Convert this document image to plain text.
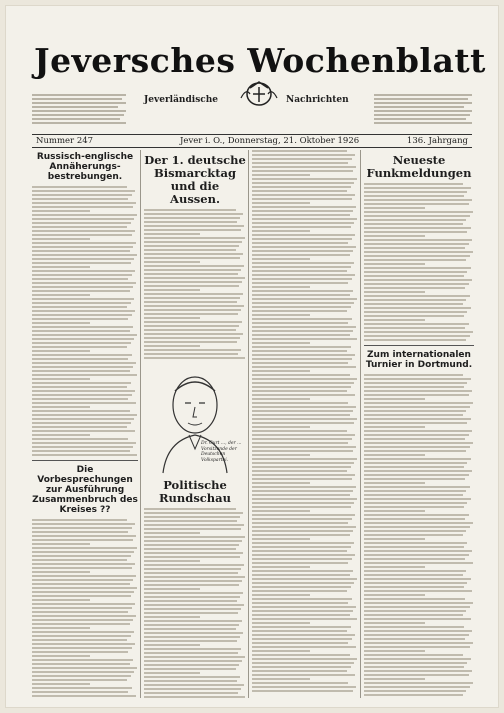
Jeversches Wochenblatt
Jeverländische	Nachrichten
Nummer 247	Jever i. O., Donnerstag, 21. Oktober 1926	136. Jahrgang
Russisch-englische Annäherungs-bestrebungen.
Die Vorbesprechungen zur Ausführung Zusammenbruch des Kreises ??
Der 1. deutsche Bismarcktag und die Aussen.
Dr. Curt ..., der ... Vorsitzende der Deutschen Volkspartei.
Politische Rundschau
Neueste Funkmeldungen
Zum internationalen Turnier in Dortmund.
